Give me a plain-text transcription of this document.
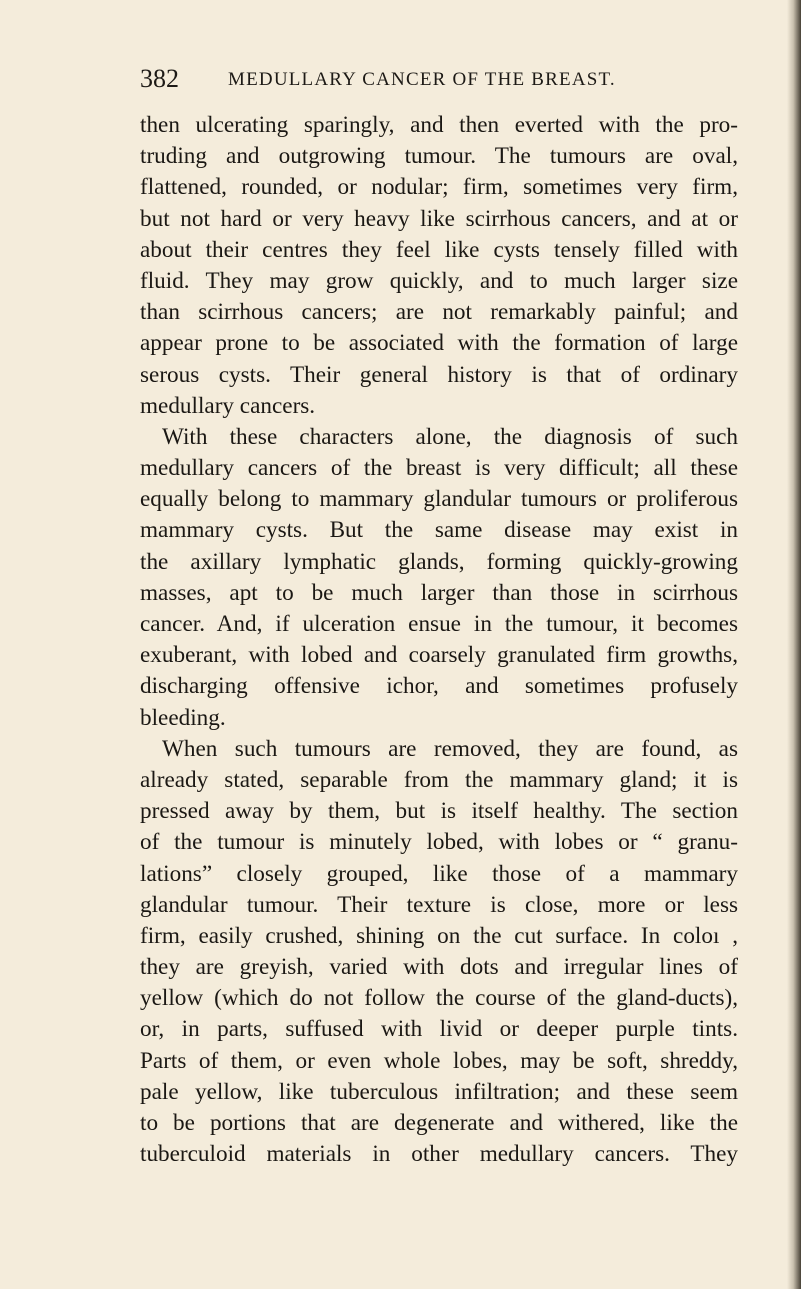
382	MEDULLARY CANCER OF THE BREAST.
then ulcerating sparingly, and then everted with the pro-
truding and outgrowing tumour. The tumours are oval,
flattened, rounded, or nodular; firm, sometimes very firm,
but not hard or very heavy like scirrhous cancers, and at or
about their centres they feel like cysts tensely filled with
fluid. They may grow quickly, and to much larger size
than scirrhous cancers; are not remarkably painful; and
appear prone to be associated with the formation of large
serous cysts. Their general history is that of ordinary
medullary cancers.
With these characters alone, the diagnosis of such
medullary cancers of the breast is very difficult; all these
equally belong to mammary glandular tumours or proliferous
mammary cysts. But the same disease may exist in
the axillary lymphatic glands, forming quickly-growing
masses, apt to be much larger than those in scirrhous
cancer. And, if ulceration ensue in the tumour, it becomes
exuberant, with lobed and coarsely granulated firm growths,
discharging offensive ichor, and sometimes profusely
bleeding.
When such tumours are removed, they are found, as
already stated, separable from the mammary gland; it is
pressed away by them, but is itself healthy. The section
of the tumour is minutely lobed, with lobes or “ granu-
lations” closely grouped, like those of a mammary
glandular tumour. Their texture is close, more or less
firm, easily crushed, shining on the cut surface. In coloı ,
they are greyish, varied with dots and irregular lines of
yellow (which do not follow the course of the gland-ducts),
or, in parts, suffused with livid or deeper purple tints.
Parts of them, or even whole lobes, may be soft, shreddy,
pale yellow, like tuberculous infiltration; and these seem
to be portions that are degenerate and withered, like the
tuberculoid materials in other medullary cancers. They
